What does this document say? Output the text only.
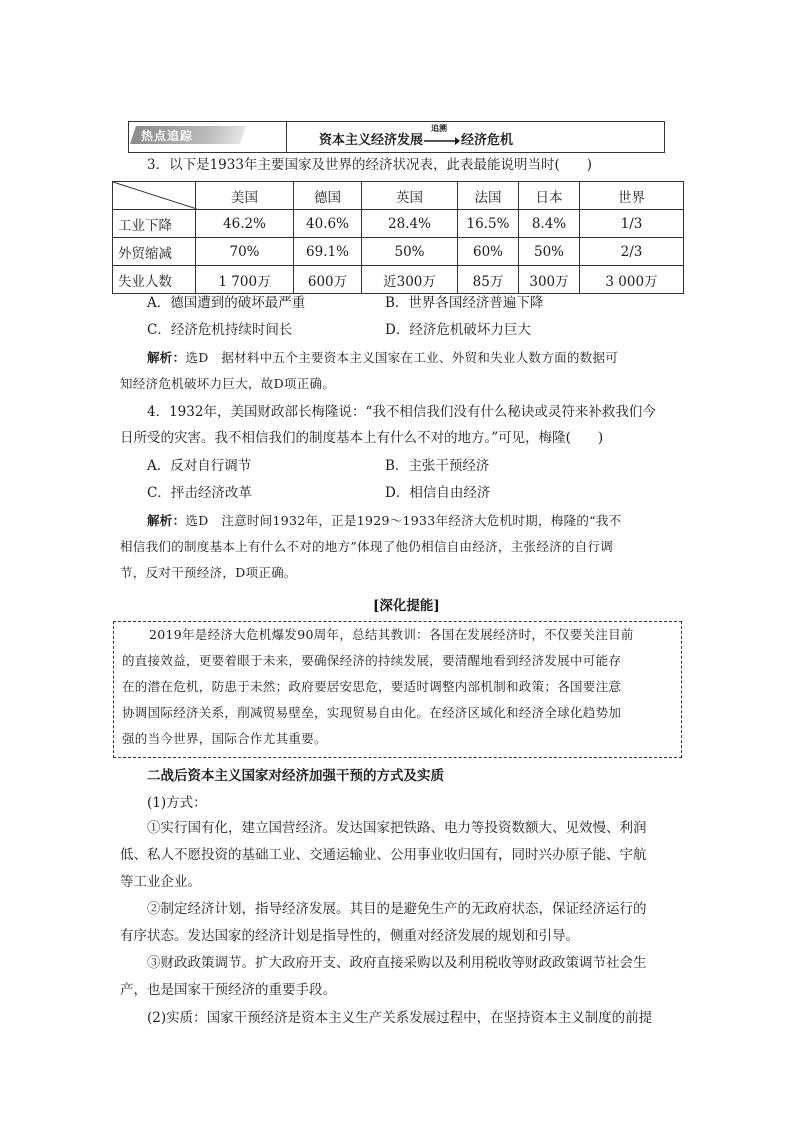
热点追踪	资本主义经济发展
追溯
经济危机
3．以下是1933年主要国家及世界的经济状况表，此表最能说明当时(　　)
	美国	德国	英国	法国	日本	世界
工业下降	46.2%	40.6%	28.4%	16.5%	8.4%	1/3
外贸缩减	70%	69.1%	50%	60%	50%	2/3
失业人数	1 700万	600万	近300万	85万	300万	3 000万
A．德国遭到的破坏最严重	B．世界各国经济普遍下降
C．经济危机持续时间长	D．经济危机破坏力巨大
解析：选D　据材料中五个主要资本主义国家在工业、外贸和失业人数方面的数据可
知经济危机破坏力巨大，故D项正确。
4．1932年，美国财政部长梅隆说：“我不相信我们没有什么秘诀或灵符来补救我们今
日所受的灾害。我不相信我们的制度基本上有什么不对的地方。”可见，梅隆(　　)
A．反对自行调节	B．主张干预经济
C．抨击经济改革	D．相信自由经济
解析：选D　注意时间1932年，正是1929～1933年经济大危机时期，梅隆的“我不
相信我们的制度基本上有什么不对的地方”体现了他仍相信自由经济，主张经济的自行调
节，反对干预经济，D项正确。
[深化提能]
2019年是经济大危机爆发90周年，总结其教训：各国在发展经济时，不仅要关注目前
的直接效益，更要着眼于未来，要确保经济的持续发展，要清醒地看到经济发展中可能存
在的潜在危机，防患于未然；政府要居安思危，要适时调整内部机制和政策；各国要注意
协调国际经济关系，削减贸易壁垒，实现贸易自由化。在经济区域化和经济全球化趋势加
强的当今世界，国际合作尤其重要。
二战后资本主义国家对经济加强干预的方式及实质
(1)方式：
①实行国有化，建立国营经济。发达国家把铁路、电力等投资数额大、见效慢、利润
低、私人不愿投资的基础工业、交通运输业、公用事业收归国有，同时兴办原子能、宇航
等工业企业。
②制定经济计划，指导经济发展。其目的是避免生产的无政府状态，保证经济运行的
有序状态。发达国家的经济计划是指导性的，侧重对经济发展的规划和引导。
③财政政策调节。扩大政府开支、政府直接采购以及利用税收等财政政策调节社会生
产，也是国家干预经济的重要手段。
(2)实质：国家干预经济是资本主义生产关系发展过程中，在坚持资本主义制度的前提
